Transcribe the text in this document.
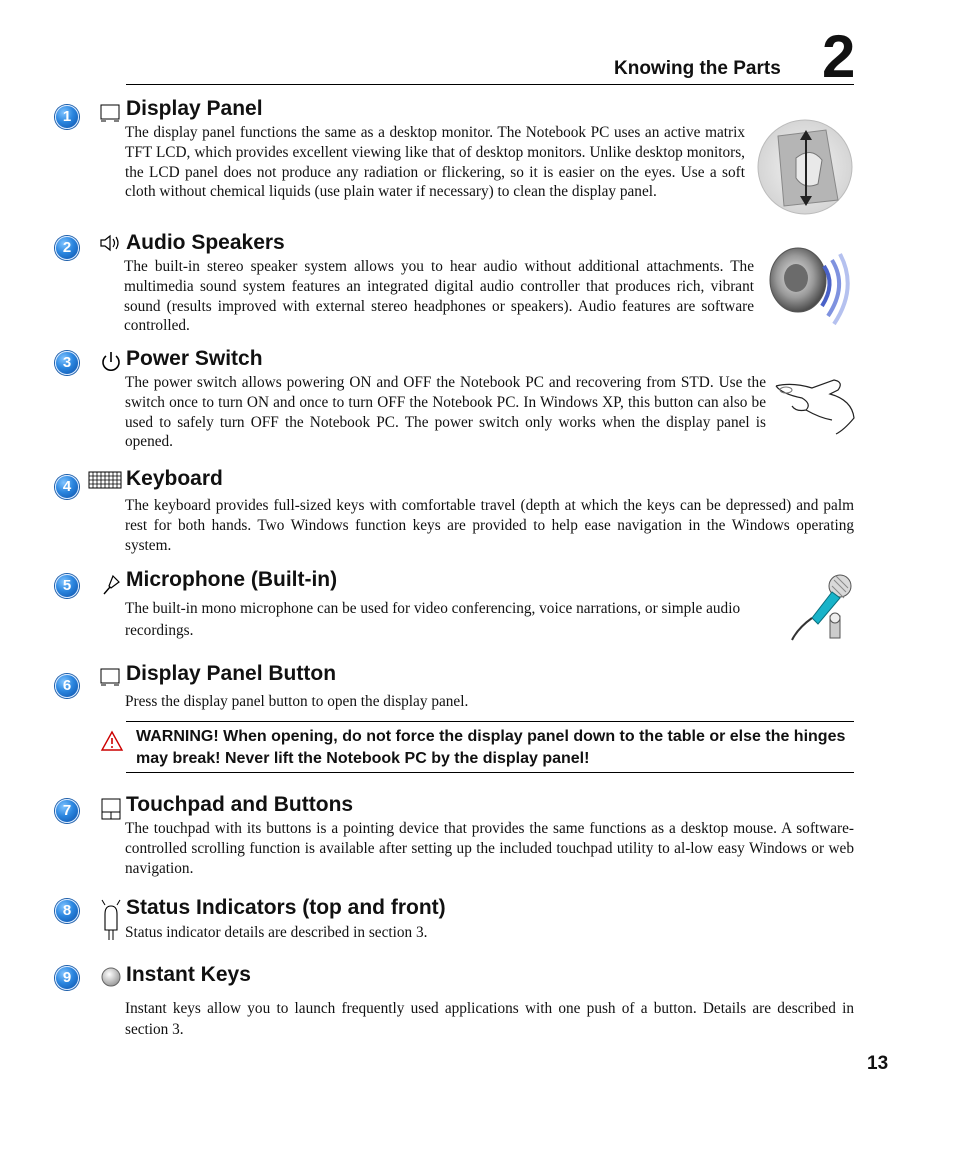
Knowing the Parts 2
1	Display Panel
The display panel functions the same as a desktop monitor. The Notebook PC uses an active matrix TFT LCD, which provides excellent viewing like that of desktop monitors. Unlike desktop monitors, the LCD panel does not produce any radiation or flickering, so it is easier on the eyes. Use a soft cloth without chemical liquids (use plain water if necessary) to clean the display panel.
2	Audio Speakers
The built-in stereo speaker system allows you to hear audio without additional attachments. The multimedia sound system features an integrated digital audio controller that produces rich, vibrant sound (results improved with external stereo headphones or speakers). Audio features are software controlled.
3	Power Switch
The power switch allows powering ON and OFF the Notebook PC and recovering from STD. Use the switch once to turn ON and once to turn OFF the Notebook PC. In Windows XP, this button can also be used to safely turn OFF the Notebook PC. The power switch only works when the display panel is opened.
4	Keyboard
The keyboard provides full-sized keys with comfortable travel (depth at which the keys can be depressed) and palm rest for both hands. Two Windows function keys are provided to help ease navigation in the Windows operating system.
5	Microphone (Built-in)
The built-in mono microphone can be used for video conferencing, voice narrations, or simple audio recordings.
6
Display Panel Button
Press the display panel button to open the display panel.
WARNING! When opening, do not force the display panel down to the table or else the hinges may break! Never lift the Notebook PC by the display panel!
7	Touchpad and Buttons
The touchpad with its buttons is a pointing device that provides the same functions as a desktop mouse. A software-controlled scrolling function is available after setting up the included touchpad utility to al-low easy Windows or web navigation.
8	Status Indicators (top and front)
Status indicator details are described in section 3.
9	Instant Keys
Instant keys allow you to launch frequently used applications with one push of a button. Details are described in section 3.
13
